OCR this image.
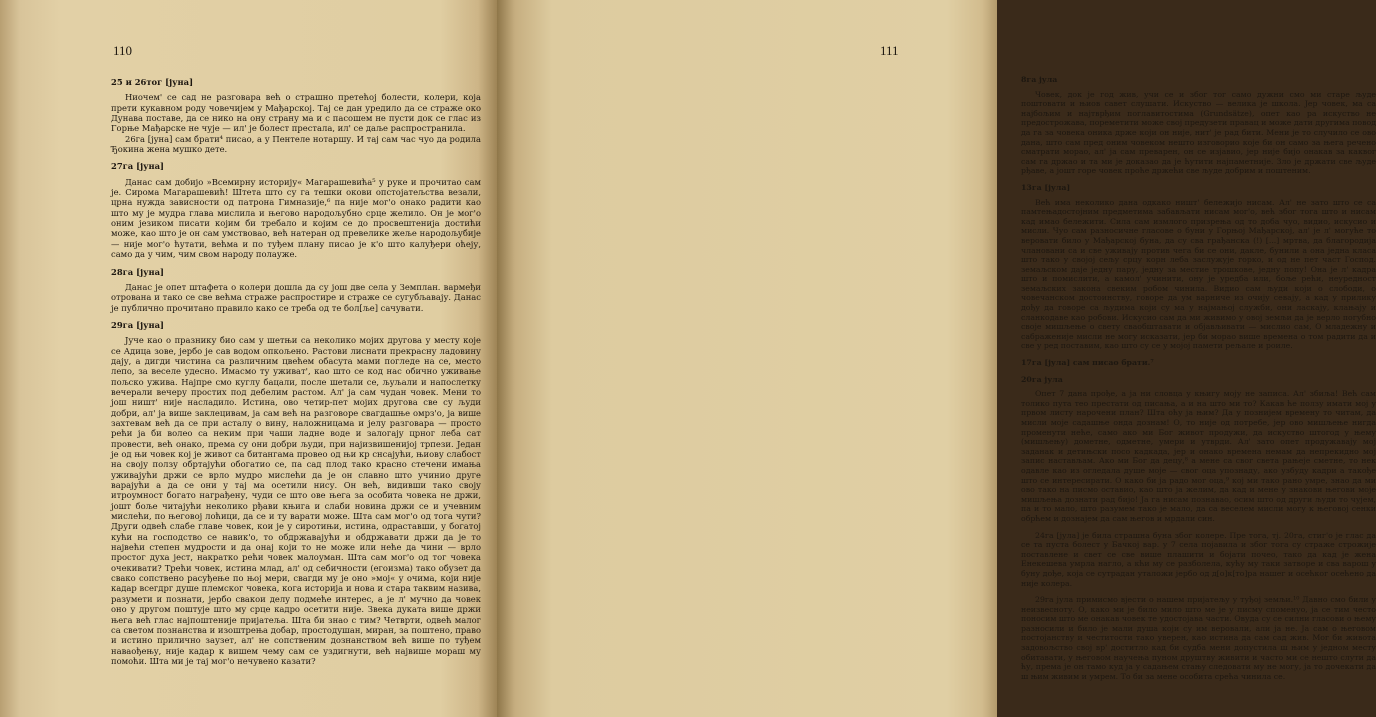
110
25 и 26тог [јуна]

Ниочем' се сад не разговара већ о страшно претећој болести, колери, која прети кукавном роду човечијем у Мађарској. Тај се дан уредило да се страже око Дунава поставе, да се нико на ону страну ма и с пасошем не пусти док се глас из Горње Мађарске не чује — ил' је болест престала, ил' се даље распространила.

26га [јуна] сам брати⁴ писао, а у Пентеле нотаршу. И тај сам час чуо да родила Ђокина жена мушко дете.

27га [јуна]

Данас сам добијо »Всемирну историју« Магарашевића⁵ у руке и прочитао сам је. Сирома Магарашевић! Штета што су га тешки окови опстојатељства везали, црна нужда зависности од патрона Гимназије,⁶ па није мог'о онако радити као што му је мудра глава мислила и његово народољубно срце желило. Он је мог'о оним језиком писати којим би требало и којим се до просвештенија достићи може, као што је он сам умствовао, већ натеран од превелике жеље народољубије — није мог'о ћутати, већма и по туђем плану писао је к'о што калуђери оћеју, само да у чим, чим свом народу полауже.

28га [јуна]

Данас је опет штафета о колери дошла да су још две села у Земплан. вармеђи отрована и тако се све већма страже распростире и страже се сугубљавају. Данас је публично прочитано правило како се треба од те бол[ље] сачувати.

29га [јуна]

Јуче као о празнику био сам у шетњи са неколико мојих другова у месту које се Адица зове, јербо је сав водом опкољено. Растови лиснати прекрасну ладовину дају, а дигди чистина са различним цвећем обасута мами погледе на се, место лепо, за веселе удесно. Имасмо ту уживат', као што се код нас обично уживање пољско ужива. Најпре смо куглу бацали, после шетали се, љуљали и напослетку вечерали вечеру простих под дебелим растом. Ал' ја сам чудан човек. Мени то још ништ' није насладило. Истина, ово четир-пет мојих другова све су људи добри, ал' ја више заклецивам, ја сам већ на разговоре свагдашње омрз'о, ја више захтевам већ да се при асталу о вину, наложницама и јелу разговара — просто рећи ја би волео са неким при чаши ладне воде и залогају црног леба сат провести, већ онако, према су они добри људи, при најизвишенијој трпези. Један је од њи човек кој је живот са битангама провео од њи кр снсајући, њиову слабост на своју ползу обртајући обогатио се, па сад плод тако красно стечени имања уживајући држи се врло мудро мислећи да је он славно што учинио друге варајући а да се они у тај ма осетили нису. Он већ, видивши тако своју итроумност богато награђену, чуди се што ове њега за особита човека не држи, јошт боље читајући неколико рђави књига и слаби новина држи се и учевним мислећи, по његовој лоћици, да се и ту варати може. Шта сам мог'о од тога чути? Други одвећ слабе главе човек, кои је у сиротињи, истина, одраставши, у богатој кући на господство се навик'о, то обдржавајући и обдржавати држи да је то највећи степен мудрости и да онај који то не може или неће да чини — врло простог духа јест, накратко рећи човек малоуман. Шта сам мог'о од тог човека очекивати? Трећи човек, истина млад, ал' од себичности (егоизма) тако обузет да свако сопствено расуђење по њој мери, свагди му је оно »мој« у очима, који није кадар всегдрг душе племског човека, кога историја и нова и стара таквим назива, разумети и познати, јербо свакои делу подмеће интерес, а је л' мучно да човек оно у другом поштује што му срце кадро осетити није. Звека дуката више држи њега већ глас најпоштеније пријатеља. Шта би знао с тим? Четврти, одвећ малог са светом познанства и изоштрења добар, простодушан, миран, за поштено, право и истино прилично заузет, ал' не сопственим дознанством већ више по туђем наваођењу, није кадар к вишем чему сам се уздигнути, већ највише мораш му помоћи. Шта ми је тај мог'о нечувено казати?

111
8га јула

Човек, док је год жив, учи се и због тог само дужни смо ми старе људе поштовати и њиов савет слушати. Искуство — велика је школа. Јер човек, ма са најбољим и најтврђим поглавитостима (Grundsätze), опет као ра искуство не предострожава, пореметити може свој предузети правац и може дати другима повод да га за човека оника држе који он није, нит' је рад бити. Мени је то случило се ово дана, што сам пред оним човеком нешто изговорио које би он само за њега речено сматрати морао, ал' ја сам преварен, он се изјавио, јер није бијо онакав за каквог сам га држао и та ми је доказао да је ћутити најпаметније. Зло је држати све људе рђаве, а јошт горе човек проће држећи све људе добрим и поштеним.

13га [јула]

Већ има неколико дана одкако ништ' бележијо нисам. Ал' не зато што се са памтењадостојним предметима забављати нисам мог'о, већ због тога што и нисам кад имао бележити. Сила сам измлого призрења од то доба чуо, видио, искусио и мисли. Чуо сам разносичне гласове о буни у Горњој Мађарској, ал' је л' могуће то веровати било у Мађарској буна, да су сва грађанска (!) [...] мртва, да благородија члановани са и све уживају против чега би се они, дакле, бунили а она једна класа што тако у својој сељу срцу корн леба заслужује горко, и од не пет част Господ. земаљском даје једну пару, једну за местие трошкове, једну попу! Она је л' кадра што и помислити, а камол' учинити, ону је уредба или, боље рећи, неуредност земаљских закона свеким робом чинила. Видио сам људи који о слободи, о човечанском достоинству, говоре да ум варниче из очију севају, а кад у прилику дођу да говоре са људима који су ма у најмањој служби, они ласкају, клањају и сланкодаве као робови. Искусио сам да ми живимо у овој земљи да је верло погубно своје мишљење о свету сваобштавати и објављивати — мислио сам, О младежну и сабраженије мисли не могу исказати, јер би морао више времена о том радити да и све у ред поставим, као што су се у мојој памети рељале и роиле.

17га [јула] сам писао брати.⁷
20га јула

Опет 7 дана прође, а ја ни словца у књигу моју не записа. Ал' збиља! Већ сам толико пута тео престати од писања, а и на што ми то? Какав ће ползу имати мој у првом листу нарочени план? Шта оћу ја њим? Да у познијем времену то читам, да мисли моје садашње онда дознам! О, то није од потребе, јер ово мишљење нигда променути неће, само ако ми Бог живот продужи, да искуство штогод у њему (мишљењу) дометне, одметне, умери и утврди. Ал' зато опет продужавају мој заданак и детињски посо кадкада, јер и онако времена немам да непрекидно мој запис настављам. Ако ми Бог да децу,⁸ а мене са свог света рањеје сметне, то нек одавле као из огледала душе моје — свог оца упознаду, ако узбуду кадри а такође што се интересирати. О како би ја радо мог оца,⁹ кој ми тако рано умре, знао да ми ово тако на писмо оставио, као што ја желим, да кад и мене у знакови његови моје мишљења дознати рад бијо! Ја га нисам познавао, осим што од други људи то чујем, па и то мало, што разумем тако је мало, да са веселем мисли могу к његовој сенки обрћем и дознајем да сам његов и мрдали син.

24га [јула] је била страшна буна због колере. Пре тога, тј. 20га, стиг'о је глас да се та пуста болест у Бачкој вар. у 7 села појавила и због тога су страже строжије поставлене и свет се све више плашити и бојати почео, тако да кад је жена Енекешева умрла нагло, а кћи му се разболела, кућу му таки затворе и сва варош у буну дође, која се сутрадан уталожи јербо од д[о]к[то]ра нашег и осећког осећено да није колера.
29га јула примисмо вјести о нашем пријатељу у туђој земљи.¹⁰ Давно смо били у неизвесноту. О, како ми је било мило што ме је у писму споменуо, ја се тим често поносим што ме онакав човек те удостојава части. Овуда су се силни гласови о њему разносили и било је мали душа који су им веровали, али ја не. Ја сам о његовом постојанству и честитости тако уверен, као истина да сам сад жив. Мог би живота задовољство свој вр' доститло кад би судба мени допустила ш њим у једном месту обитавати, у његовом научења пуном друштву живити и часто ми се нешто слути да ћу, према је он тамо куд ја у садањем стању следовати му не могу, ја то дочекати да ш њим живим и умрем. То би за мене особита срећа чинила се.
